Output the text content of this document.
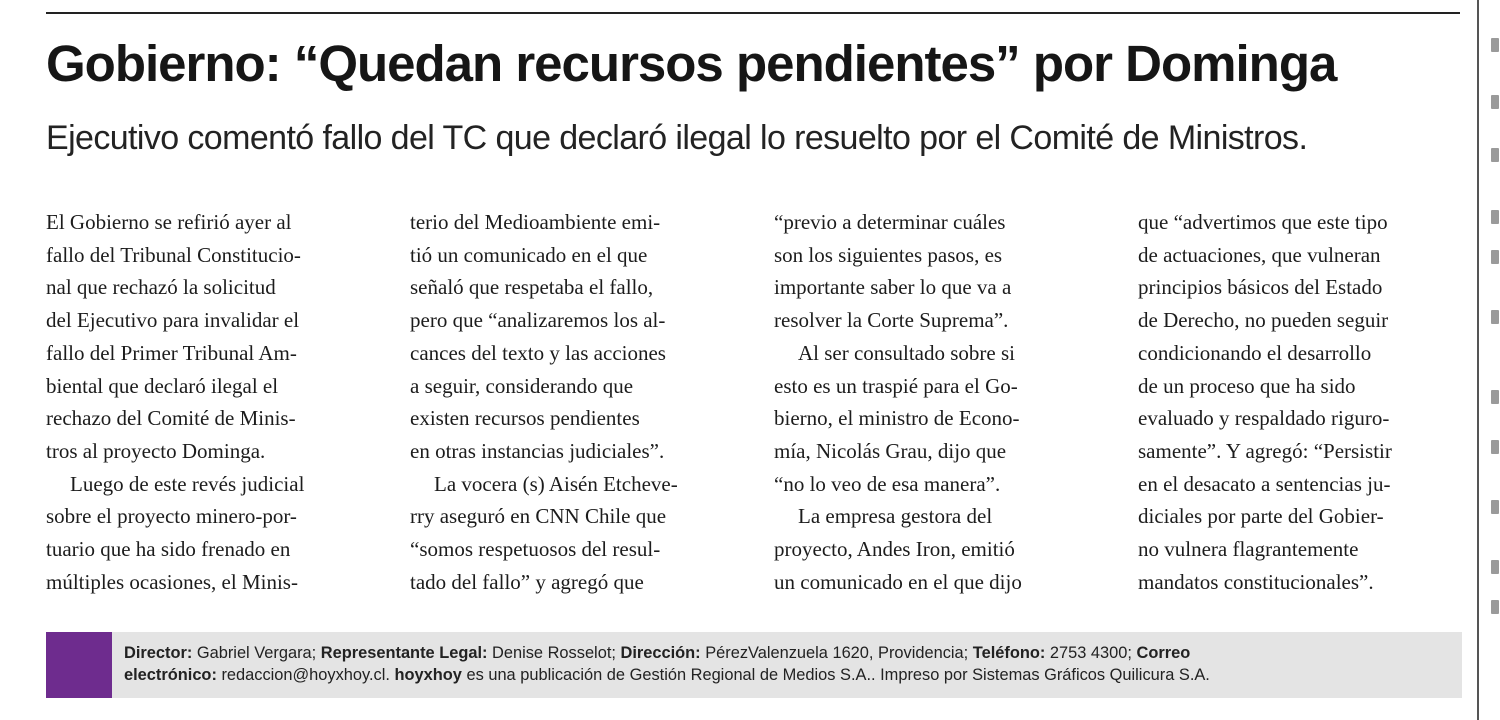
Gobierno: “Quedan recursos pendientes” por Dominga

Ejecutivo comentó fallo del TC que declaró ilegal lo resuelto por el Comité de Ministros.

El Gobierno se refirió ayer al

fallo del Tribunal Constitucio-

nal que rechazó la solicitud

del Ejecutivo para invalidar el

fallo del Primer Tribunal Am-

biental que declaró ilegal el

rechazo del Comité de Minis-

tros al proyecto Dominga.

Luego de este revés judicial

sobre el proyecto minero-por-

tuario que ha sido frenado en

múltiples ocasiones, el Minis-

terio del Medioambiente emi-

tió un comunicado en el que

señaló que respetaba el fallo,

pero que “analizaremos los al-

cances del texto y las acciones

a seguir, considerando que

existen recursos pendientes

en otras instancias judiciales”.

La vocera (s) Aisén Etcheve-

rry aseguró en CNN Chile que

“somos respetuosos del resul-

tado del fallo” y agregó que

“previo a determinar cuáles

son los siguientes pasos, es

importante saber lo que va a

resolver la Corte Suprema”.

Al ser consultado sobre si

esto es un traspié para el Go-

bierno, el ministro de Econo-

mía, Nicolás Grau, dijo que

“no lo veo de esa manera”.

La empresa gestora del

proyecto, Andes Iron, emitió

un comunicado en el que dijo

que “advertimos que este tipo

de actuaciones, que vulneran

principios básicos del Estado

de Derecho, no pueden seguir

condicionando el desarrollo

de un proceso que ha sido

evaluado y respaldado riguro-

samente”. Y agregó: “Persistir

en el desacato a sentencias ju-

diciales por parte del Gobier-

no vulnera flagrantemente

mandatos constitucionales”.

Director: Gabriel Vergara; Representante Legal: Denise Rosselot; Dirección: PérezValenzuela 1620, Providencia; Teléfono: 2753 4300; Correo
electrónico: redaccion@hoyxhoy.cl. hoyxhoy es una publicación de Gestión Regional de Medios S.A.. Impreso por Sistemas Gráficos Quilicura S.A.
